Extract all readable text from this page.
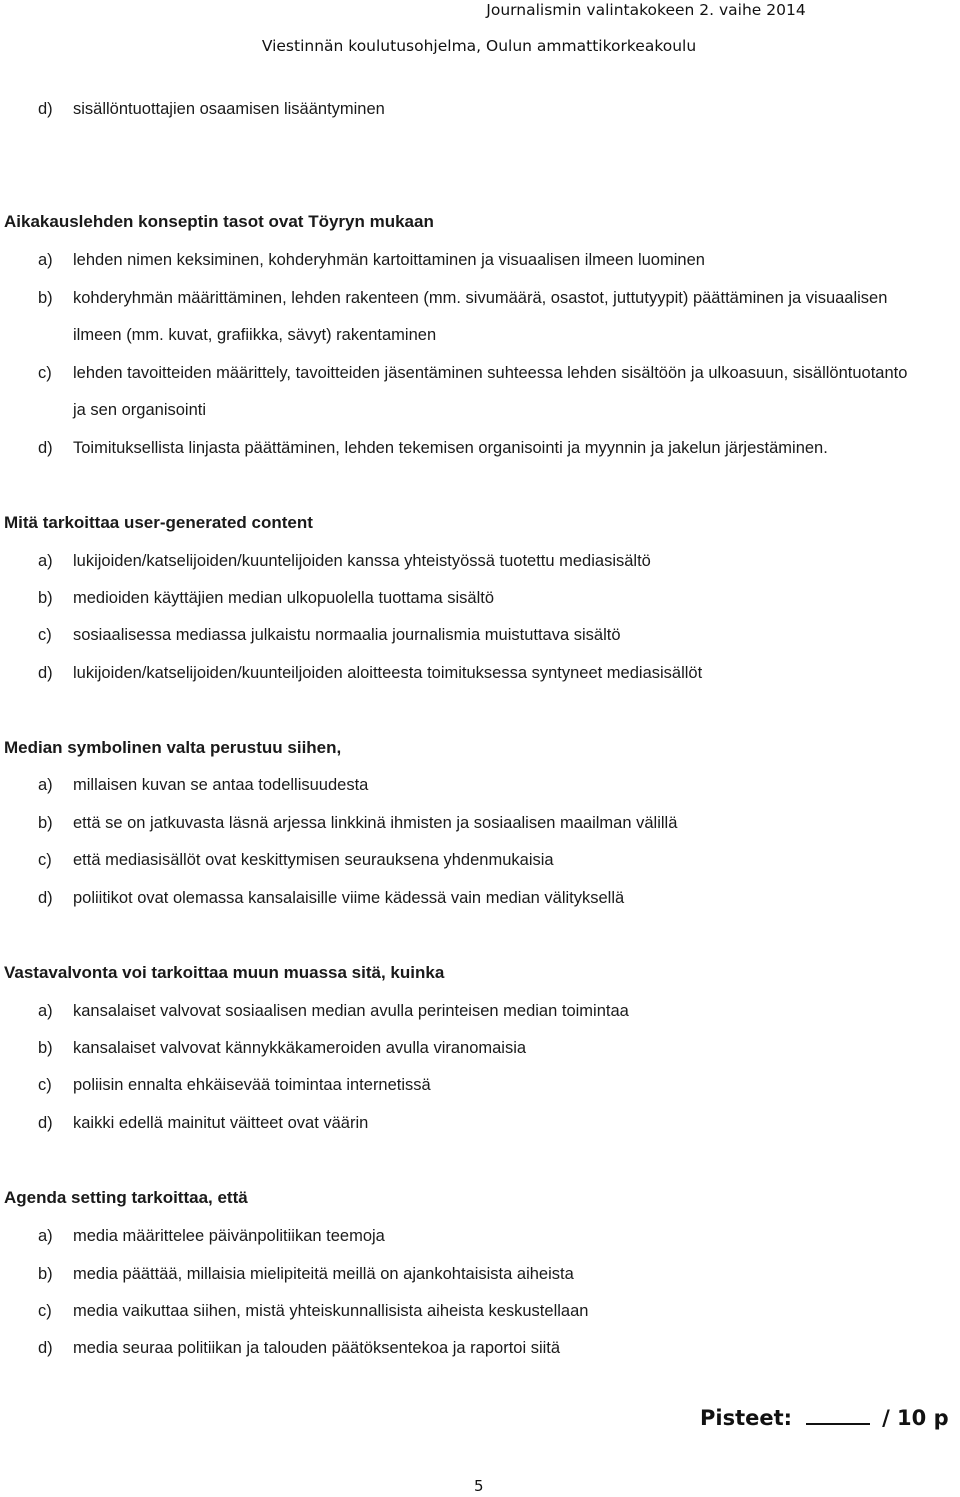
Journalismin valintakokeen 2. vaihe 2014
Viestinnän koulutusohjelma, Oulun ammattikorkeakoulu
d)	sisällöntuottajien osaamisen lisääntyminen
Aikakauslehden konseptin tasot ovat Töyryn mukaan
a)	lehden nimen keksiminen, kohderyhmän kartoittaminen ja visuaalisen ilmeen luominen
b)	kohderyhmän määrittäminen, lehden rakenteen (mm. sivumäärä, osastot, juttutyypit) päättäminen ja visuaalisen ilmeen (mm. kuvat, grafiikka, sävyt) rakentaminen
c)	lehden tavoitteiden määrittely, tavoitteiden jäsentäminen suhteessa lehden sisältöön ja ulkoasuun, sisällöntuotanto ja sen organisointi
d)	Toimituksellista linjasta päättäminen, lehden tekemisen organisointi ja myynnin ja jakelun järjestäminen.
Mitä tarkoittaa user-generated content
a)	lukijoiden/katselijoiden/kuuntelijoiden kanssa yhteistyössä tuotettu mediasisältö
b)	medioiden käyttäjien median ulkopuolella tuottama sisältö
c)	sosiaalisessa mediassa julkaistu normaalia journalismia muistuttava sisältö
d)	lukijoiden/katselijoiden/kuunteiljoiden aloitteesta toimituksessa syntyneet mediasisällöt
Median symbolinen valta perustuu siihen,
a)	millaisen kuvan se antaa todellisuudesta
b)	että se on jatkuvasta läsnä arjessa linkkinä ihmisten ja sosiaalisen maailman välillä
c)	että mediasisällöt ovat keskittymisen seurauksena yhdenmukaisia
d)	poliitikot ovat olemassa kansalaisille viime kädessä vain median välityksellä
Vastavalvonta voi tarkoittaa muun muassa sitä, kuinka
a)	kansalaiset valvovat sosiaalisen median avulla perinteisen median toimintaa
b)	kansalaiset valvovat kännykkäkameroiden avulla viranomaisia
c)	poliisin ennalta ehkäisevää toimintaa internetissä
d)	kaikki edellä mainitut väitteet ovat väärin
Agenda setting tarkoittaa, että
a)	media määrittelee päivänpolitiikan teemoja
b)	media päättää, millaisia mielipiteitä meillä on ajankohtaisista aiheista
c)	media vaikuttaa siihen, mistä yhteiskunnallisista aiheista keskustellaan
d)	media seuraa politiikan ja talouden päätöksentekoa ja raportoi siitä
Pisteet:	/ 10 p
5
